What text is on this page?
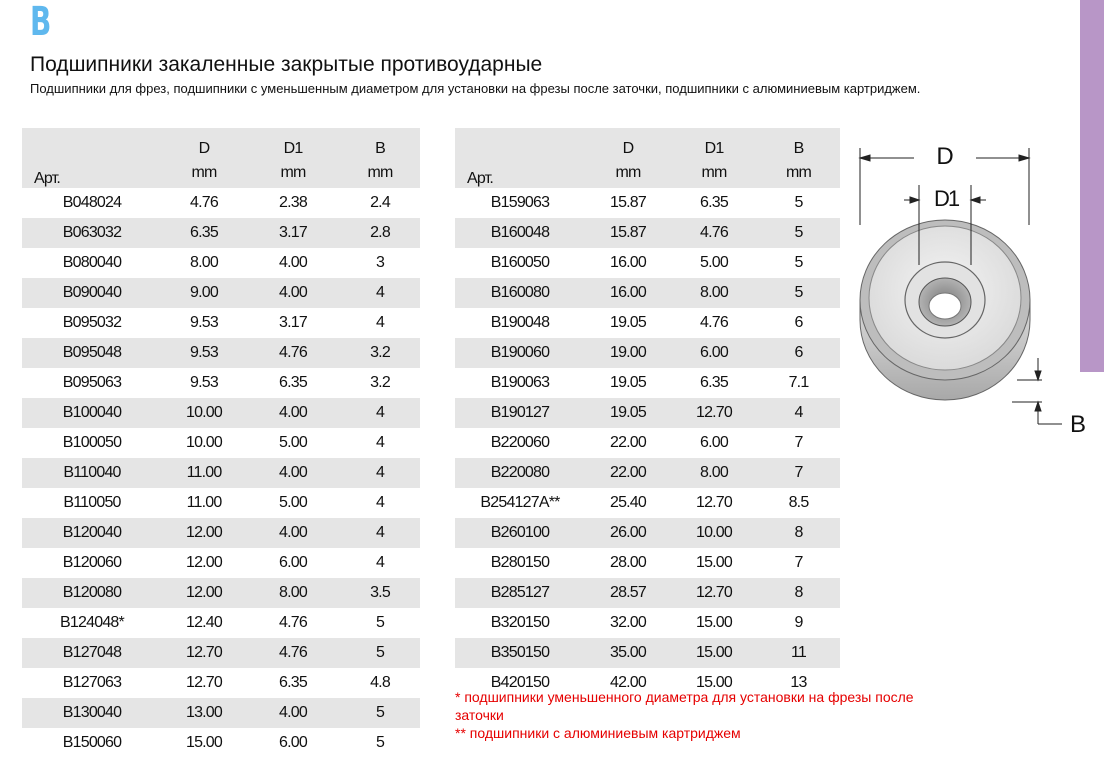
B
Подшипники закаленные закрытые противоударные
Подшипники для фрез, подшипники с уменьшенным диаметром для установки на фрезы после заточки, подшипники с алюминиевым картриджем.
Арт.	D	D1	B
	mm	mm	mm
B048024	4.76	2.38	2.4
B063032	6.35	3.17	2.8
B080040	8.00	4.00	3
B090040	9.00	4.00	4
B095032	9.53	3.17	4
B095048	9.53	4.76	3.2
B095063	9.53	6.35	3.2
B100040	10.00	4.00	4
B100050	10.00	5.00	4
B110040	11.00	4.00	4
B110050	11.00	5.00	4
B120040	12.00	4.00	4
B120060	12.00	6.00	4
B120080	12.00	8.00	3.5
B124048*	12.40	4.76	5
B127048	12.70	4.76	5
B127063	12.70	6.35	4.8
B130040	13.00	4.00	5
B150060	15.00	6.00	5
Арт.	D	D1	B
	mm	mm	mm
B159063	15.87	6.35	5
B160048	15.87	4.76	5
B160050	16.00	5.00	5
B160080	16.00	8.00	5
B190048	19.05	4.76	6
B190060	19.00	6.00	6
B190063	19.05	6.35	7.1
B190127	19.05	12.70	4
B220060	22.00	6.00	7
B220080	22.00	8.00	7
B254127A**	25.40	12.70	8.5
B260100	26.00	10.00	8
B280150	28.00	15.00	7
B285127	28.57	12.70	8
B320150	32.00	15.00	9
B350150	35.00	15.00	11
B420150	42.00	15.00	13
* подшипники уменьшенного диаметра для установки на фрезы после заточки
** подшипники с алюминиевым картриджем
D
D1
B
